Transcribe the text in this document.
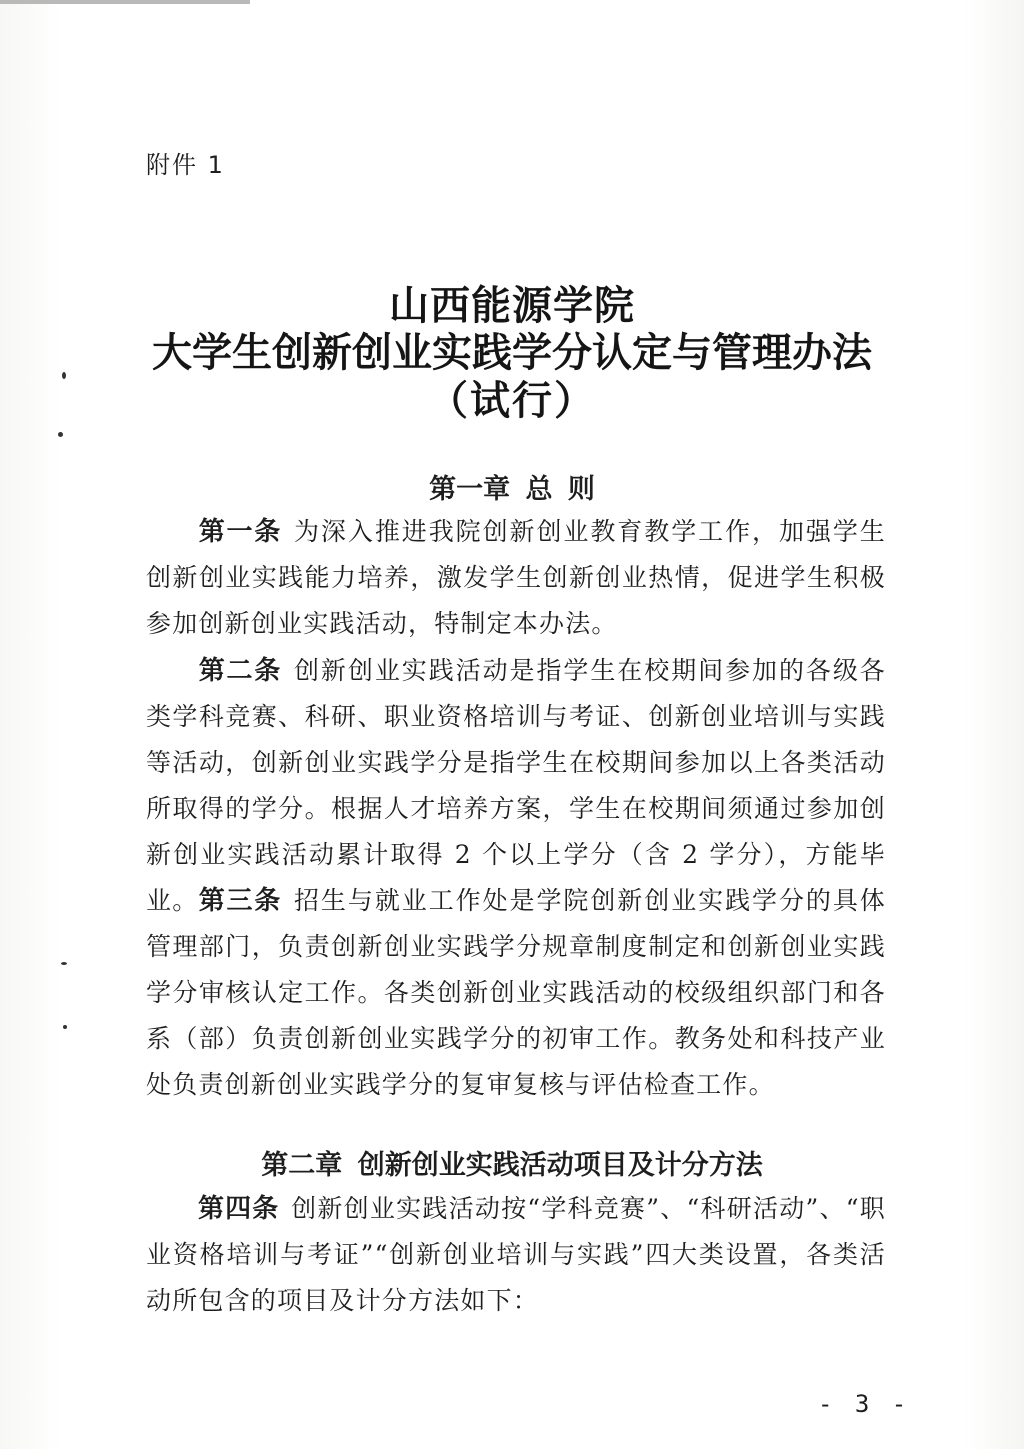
附件 1
山西能源学院
大学生创新创业实践学分认定与管理办法
（试行）
第一章 总 则
第一条 为深入推进我院创新创业教育教学工作，加强学生创新创业实践能力培养，激发学生创新创业热情，促进学生积极参加创新创业实践活动，特制定本办法。
第二条 创新创业实践活动是指学生在校期间参加的各级各类学科竞赛、科研、职业资格培训与考证、创新创业培训与实践等活动，创新创业实践学分是指学生在校期间参加以上各类活动所取得的学分。根据人才培养方案，学生在校期间须通过参加创新创业实践活动累计取得 2 个以上学分（含 2 学分），方能毕业。 第三条 招生与就业工作处是学院创新创业实践学分的具体管理部门，负责创新创业实践学分规章制度制定和创新创业实践学分审核认定工作。各类创新创业实践活动的校级组织部门和各系（部）负责创新创业实践学分的初审工作。教务处和科技产业处负责创新创业实践学分的复审复核与评估检查工作。
第二章 创新创业实践活动项目及计分方法
第四条 创新创业实践活动按“学科竞赛”、“科研活动”、“职业资格培训与考证”“创新创业培训与实践”四大类设置，各类活动所包含的项目及计分方法如下：
- 3 -
